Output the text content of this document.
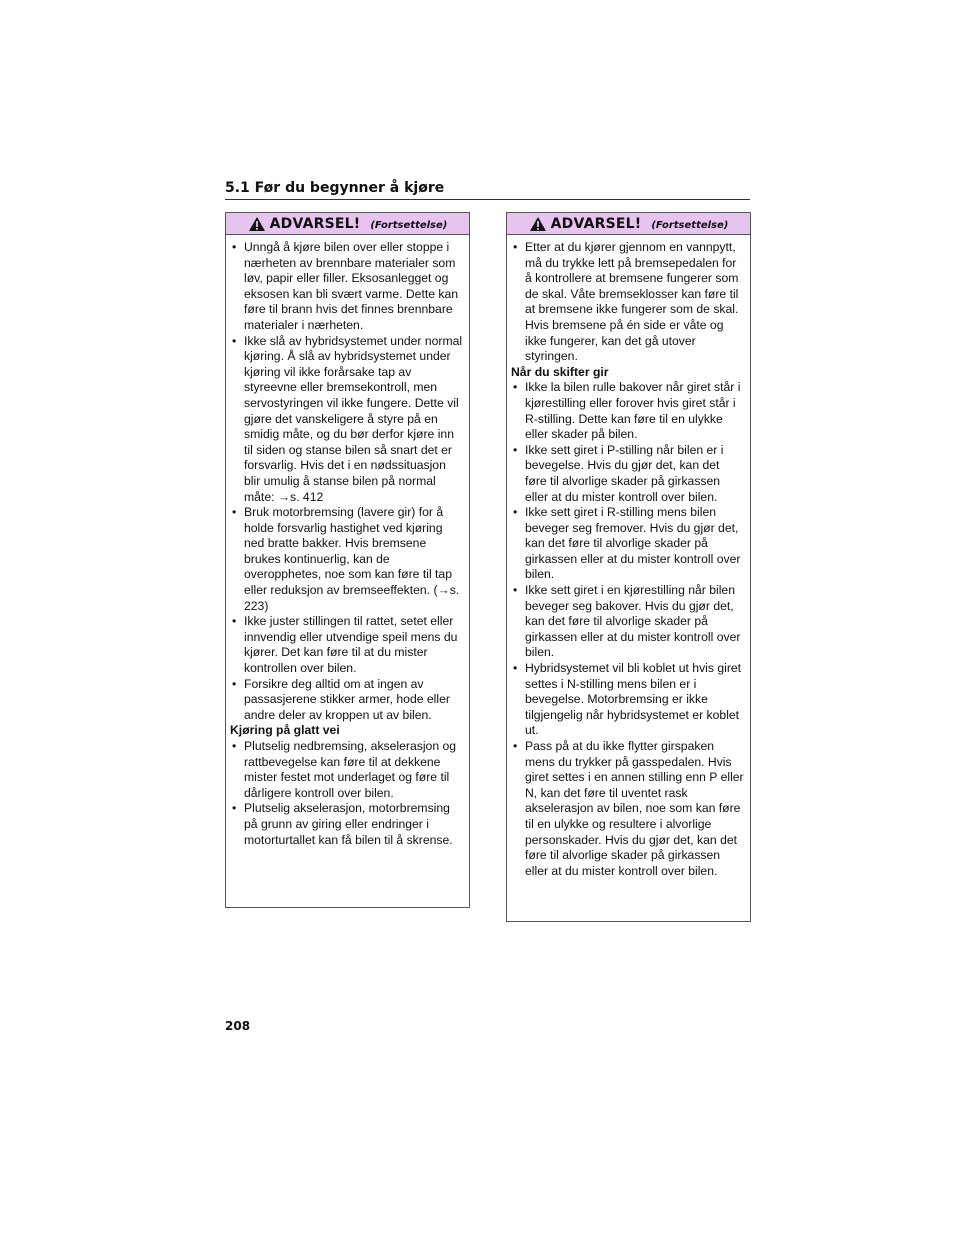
5.1 Før du begynner å kjøre
ADVARSEL! (Fortsettelse)
• Unngå å kjøre bilen over eller stoppe i nærheten av brennbare materialer som løv, papir eller filler. Eksosanlegget og eksosen kan bli svært varme. Dette kan føre til brann hvis det finnes brennbare materialer i nærheten.
• Ikke slå av hybridsystemet under normal kjøring. Å slå av hybridsystemet under kjøring vil ikke forårsake tap av styreevne eller bremsekontroll, men servostyringen vil ikke fungere. Dette vil gjøre det vanskeligere å styre på en smidig måte, og du bør derfor kjøre inn til siden og stanse bilen så snart det er forsvarlig. Hvis det i en nødssituasjon blir umulig å stanse bilen på normal måte: →s. 412
• Bruk motorbremsing (lavere gir) for å holde forsvarlig hastighet ved kjøring ned bratte bakker. Hvis bremsene brukes kontinuerlig, kan de overopphetes, noe som kan føre til tap eller reduksjon av bremseeffekten. (→s. 223)
• Ikke juster stillingen til rattet, setet eller innvendig eller utvendige speil mens du kjører. Det kan føre til at du mister kontrollen over bilen.
• Forsikre deg alltid om at ingen av passasjerene stikker armer, hode eller andre deler av kroppen ut av bilen.
Kjøring på glatt vei
• Plutselig nedbremsing, akselerasjon og rattbevegelse kan føre til at dekkene mister festet mot underlaget og føre til dårligere kontroll over bilen.
• Plutselig akselerasjon, motorbremsing på grunn av giring eller endringer i motorturtallet kan få bilen til å skrense.
ADVARSEL! (Fortsettelse)
• Etter at du kjører gjennom en vannpytt, må du trykke lett på bremsepedalen for å kontrollere at bremsene fungerer som de skal. Våte bremseklosser kan føre til at bremsene ikke fungerer som de skal. Hvis bremsene på én side er våte og ikke fungerer, kan det gå utover styringen.
Når du skifter gir
• Ikke la bilen rulle bakover når giret står i kjørestilling eller forover hvis giret står i R-stilling. Dette kan føre til en ulykke eller skader på bilen.
• Ikke sett giret i P-stilling når bilen er i bevegelse. Hvis du gjør det, kan det føre til alvorlige skader på girkassen eller at du mister kontroll over bilen.
• Ikke sett giret i R-stilling mens bilen beveger seg fremover. Hvis du gjør det, kan det føre til alvorlige skader på girkassen eller at du mister kontroll over bilen.
• Ikke sett giret i en kjørestilling når bilen beveger seg bakover. Hvis du gjør det, kan det føre til alvorlige skader på girkassen eller at du mister kontroll over bilen.
• Hybridsystemet vil bli koblet ut hvis giret settes i N-stilling mens bilen er i bevegelse. Motorbremsing er ikke tilgjengelig når hybridsystemet er koblet ut.
• Pass på at du ikke flytter girspaken mens du trykker på gasspedalen. Hvis giret settes i en annen stilling enn P eller N, kan det føre til uventet rask akselerasjon av bilen, noe som kan føre til en ulykke og resultere i alvorlige personskader. Hvis du gjør det, kan det føre til alvorlige skader på girkassen eller at du mister kontroll over bilen.
208
